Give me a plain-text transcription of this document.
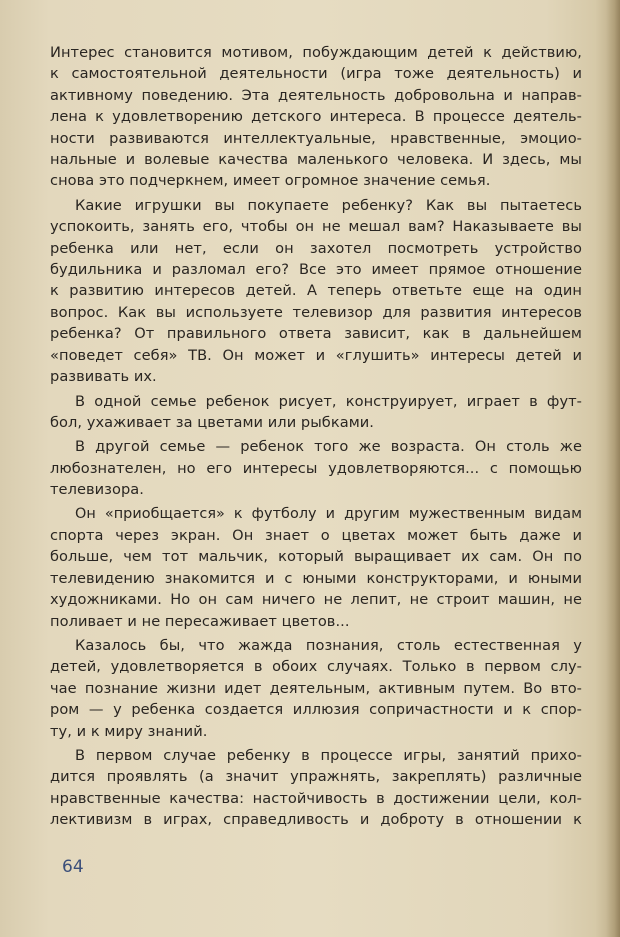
Интерес становится мотивом, побуждающим детей к действию,
к самостоятельной деятельности (игра тоже деятельность) и
активному поведению. Эта деятельность добровольна и направ-
лена к удовлетворению детского интереса. В процессе деятель-
ности развиваются интеллектуальные, нравственные, эмоцио-
нальные и волевые качества маленького человека. И здесь, мы
снова это подчеркнем, имеет огромное значение семья.

Какие игрушки вы покупаете ребенку? Как вы пытаетесь
успокоить, занять его, чтобы он не мешал вам? Наказываете вы
ребенка или нет, если он захотел посмотреть устройство
будильника и разломал его? Все это имеет прямое отношение
к развитию интересов детей. А теперь ответьте еще на один
вопрос. Как вы используете телевизор для развития интересов
ребенка? От правильного ответа зависит, как в дальнейшем
«поведет себя» ТВ. Он может и «глушить» интересы детей и
развивать их.

В одной семье ребенок рисует, конструирует, играет в фут-
бол, ухаживает за цветами или рыбками.

В другой семье — ребенок того же возраста. Он столь же
любознателен, но его интересы удовлетворяются... с помощью
телевизора.

Он «приобщается» к футболу и другим мужественным видам
спорта через экран. Он знает о цветах может быть даже и
больше, чем тот мальчик, который выращивает их сам. Он по
телевидению знакомится и с юными конструкторами, и юными
художниками. Но он сам ничего не лепит, не строит машин, не
поливает и не пересаживает цветов...

Казалось бы, что жажда познания, столь естественная у
детей, удовлетворяется в обоих случаях. Только в первом слу-
чае познание жизни идет деятельным, активным путем. Во вто-
ром — у ребенка создается иллюзия сопричастности и к спор-
ту, и к миру знаний.

В первом случае ребенку в процессе игры, занятий прихо-
дится проявлять (а значит упражнять, закреплять) различные
нравственные качества: настойчивость в достижении цели, кол-
лективизм в играх, справедливость и доброту в отношении к

64
